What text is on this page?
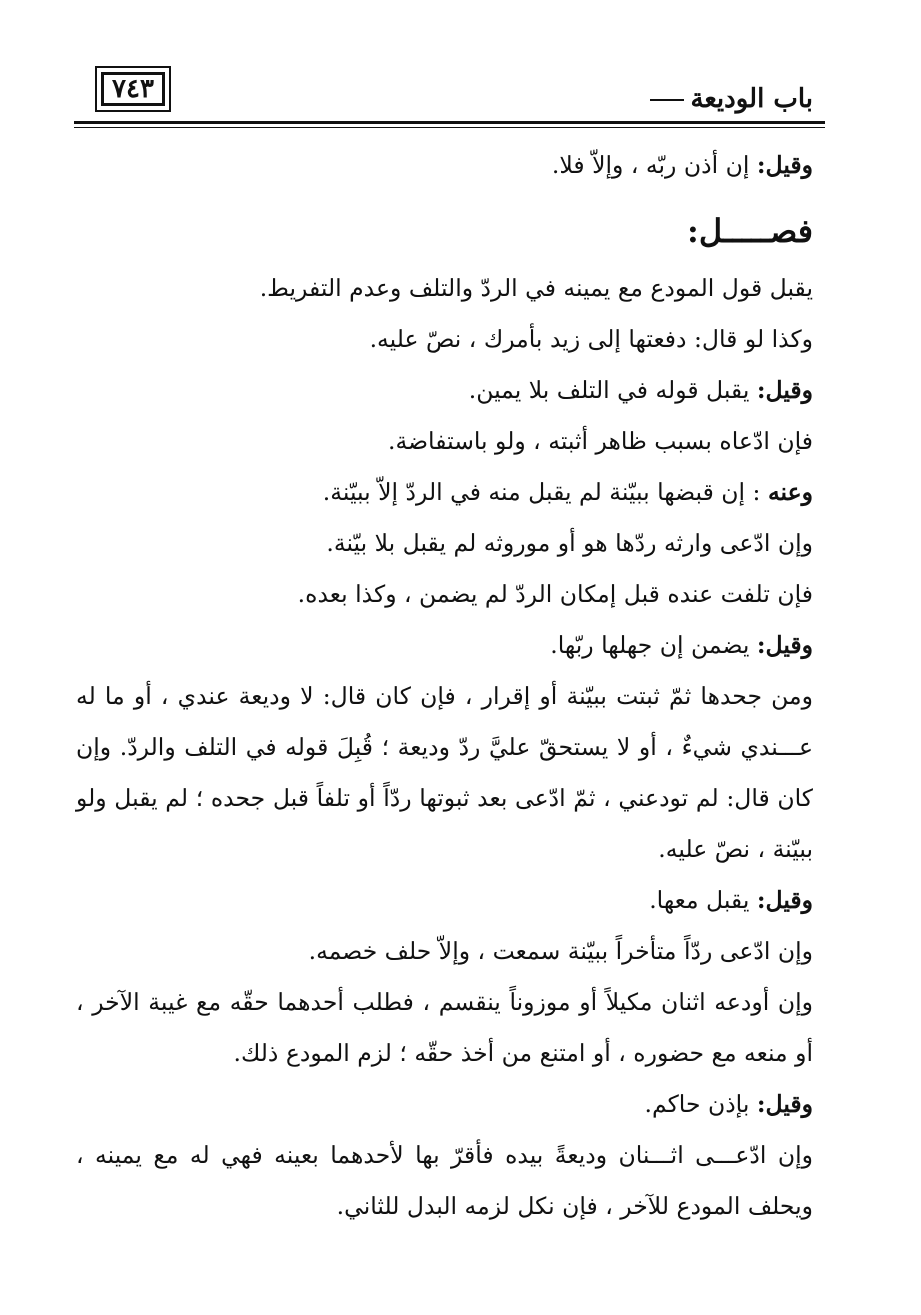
٧٤٣	باب الوديعة

وقيل: إن أذن ربّه ، وإلاّ فلا.

فصـــــل:

يقبل قول المودع مع يمينه في الردّ والتلف وعدم التفريط.

وكذا لو قال: دفعتها إلى زيد بأمرك ، نصّ عليه.

وقيل: يقبل قوله في التلف بلا يمين.

فإن ادّعاه بسبب ظاهر أثبته ، ولو باستفاضة.

وعنه : إن قبضها ببيّنة لم يقبل منه في الردّ إلاّ ببيّنة.

وإن ادّعى وارثه ردّها هو أو موروثه لم يقبل بلا بيّنة.

فإن تلفت عنده قبل إمكان الردّ لم يضمن ، وكذا بعده.

وقيل: يضمن إن جهلها ربّها.

ومن جحدها ثمّ ثبتت ببيّنة أو إقرار ، فإن كان قال: لا وديعة عندي ، أو ما له عـــندي شيءٌ ، أو لا يستحقّ عليَّ ردّ وديعة ؛ قُبِلَ قوله في التلف والردّ. وإن كان قال: لم تودعني ، ثمّ ادّعى بعد ثبوتها ردّاً أو تلفاً قبل جحده ؛ لم يقبل ولو ببيّنة ، نصّ عليه.

وقيل: يقبل معها.

وإن ادّعى ردّاً متأخراً ببيّنة سمعت ، وإلاّ حلف خصمه.

وإن أودعه اثنان مكيلاً أو موزوناً ينقسم ، فطلب أحدهما حقّه مع غيبة الآخر ، أو منعه مع حضوره ، أو امتنع من أخذ حقّه ؛ لزم المودع ذلك.

وقيل: بإذن حاكم.

وإن ادّعـــى اثـــنان وديعةً بيده فأقرّ بها لأحدهما بعينه فهي له مع يمينه ، ويحلف المودع للآخر ، فإن نكل لزمه البدل للثاني.
